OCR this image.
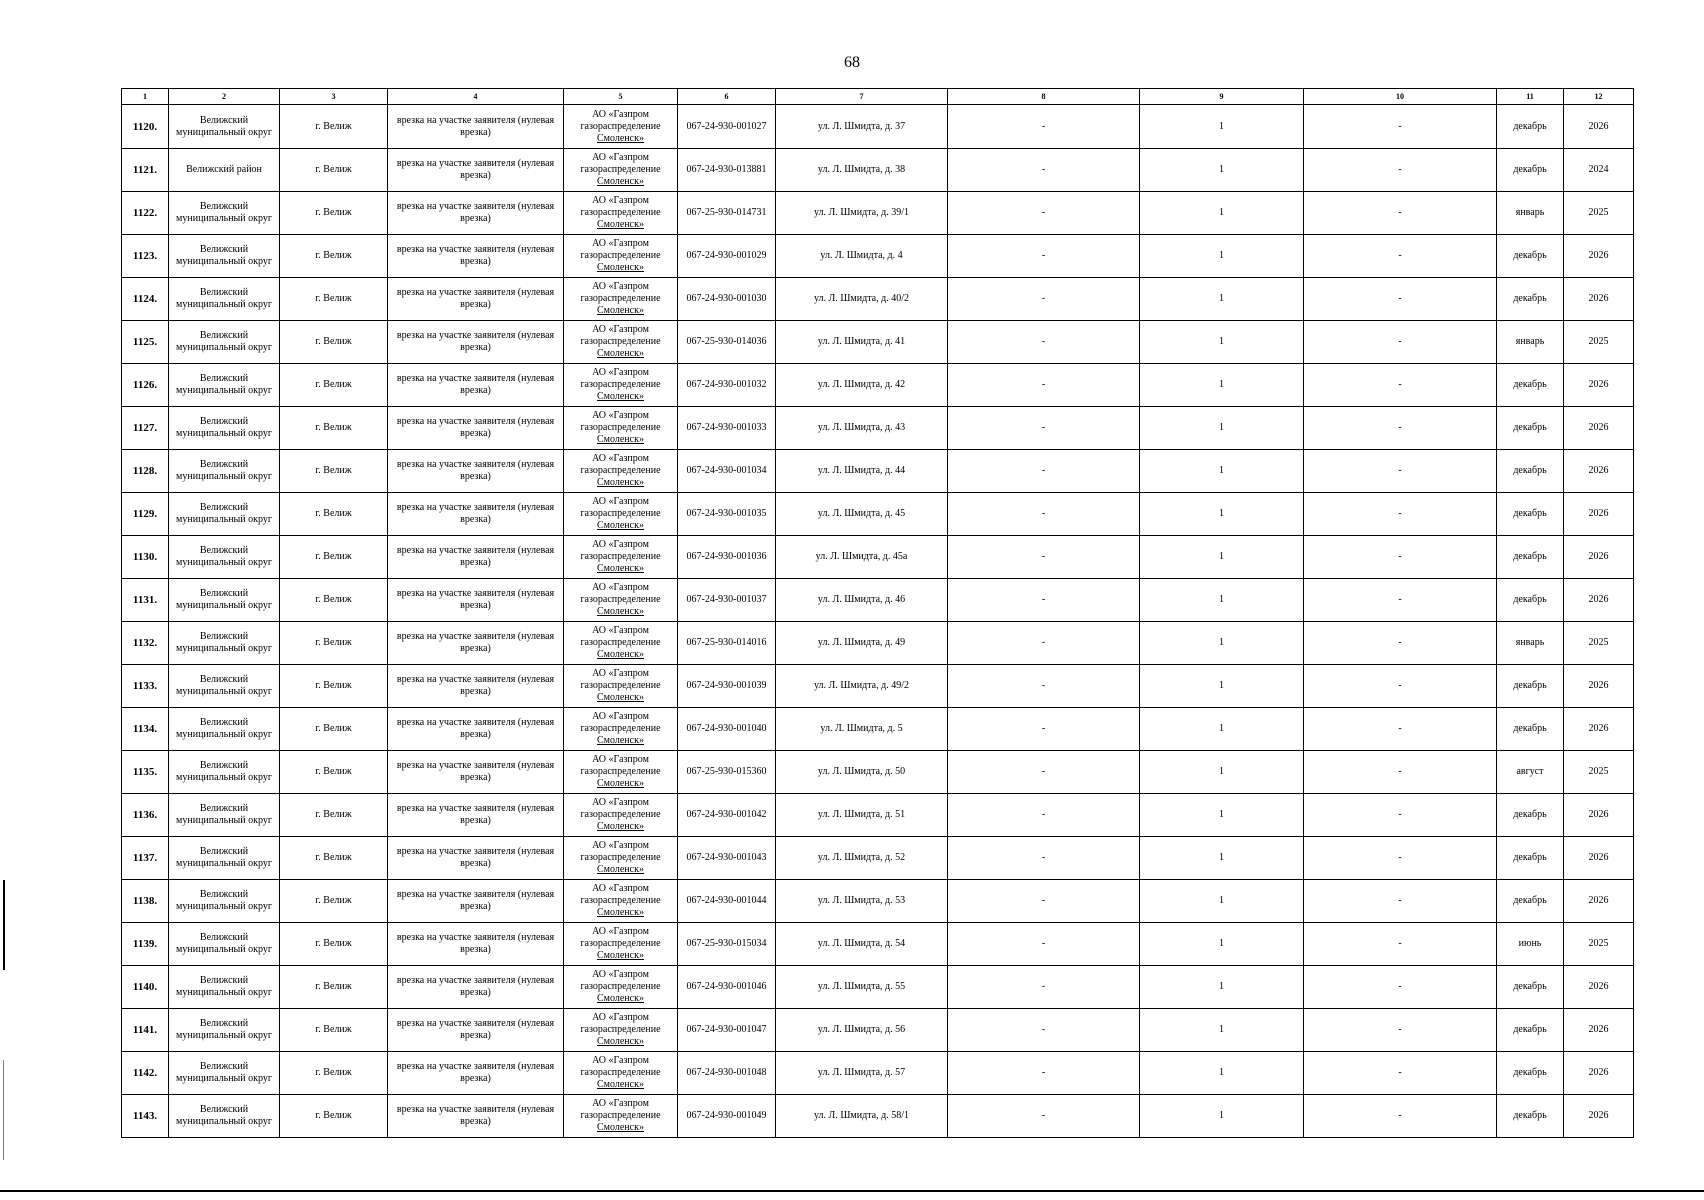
68
1	2	3	4	5	6	7	8	9	10	11	12
1120.	Велижский муниципальный округ	г. Велиж	врезка на участке заявителя (нулевая врезка)	АО «Газпром газораспределение
Смоленск»	067-24-930-001027	ул. Л. Шмидта, д. 37	-	1	-	декабрь	2026
1121.	Велижский район	г. Велиж	врезка на участке заявителя (нулевая врезка)	АО «Газпром газораспределение
Смоленск»	067-24-930-013881	ул. Л. Шмидта, д. 38	-	1	-	декабрь	2024
1122.	Велижский муниципальный округ	г. Велиж	врезка на участке заявителя (нулевая врезка)	АО «Газпром газораспределение
Смоленск»	067-25-930-014731	ул. Л. Шмидта, д. 39/1	-	1	-	январь	2025
1123.	Велижский муниципальный округ	г. Велиж	врезка на участке заявителя (нулевая врезка)	АО «Газпром газораспределение
Смоленск»	067-24-930-001029	ул. Л. Шмидта, д. 4	-	1	-	декабрь	2026
1124.	Велижский муниципальный округ	г. Велиж	врезка на участке заявителя (нулевая врезка)	АО «Газпром газораспределение
Смоленск»	067-24-930-001030	ул. Л. Шмидта, д. 40/2	-	1	-	декабрь	2026
1125.	Велижский муниципальный округ	г. Велиж	врезка на участке заявителя (нулевая врезка)	АО «Газпром газораспределение
Смоленск»	067-25-930-014036	ул. Л. Шмидта, д. 41	-	1	-	январь	2025
1126.	Велижский муниципальный округ	г. Велиж	врезка на участке заявителя (нулевая врезка)	АО «Газпром газораспределение
Смоленск»	067-24-930-001032	ул. Л. Шмидта, д. 42	-	1	-	декабрь	2026
1127.	Велижский муниципальный округ	г. Велиж	врезка на участке заявителя (нулевая врезка)	АО «Газпром газораспределение
Смоленск»	067-24-930-001033	ул. Л. Шмидта, д. 43	-	1	-	декабрь	2026
1128.	Велижский муниципальный округ	г. Велиж	врезка на участке заявителя (нулевая врезка)	АО «Газпром газораспределение
Смоленск»	067-24-930-001034	ул. Л. Шмидта, д. 44	-	1	-	декабрь	2026
1129.	Велижский муниципальный округ	г. Велиж	врезка на участке заявителя (нулевая врезка)	АО «Газпром газораспределение
Смоленск»	067-24-930-001035	ул. Л. Шмидта, д. 45	-	1	-	декабрь	2026
1130.	Велижский муниципальный округ	г. Велиж	врезка на участке заявителя (нулевая врезка)	АО «Газпром газораспределение
Смоленск»	067-24-930-001036	ул. Л. Шмидта, д. 45а	-	1	-	декабрь	2026
1131.	Велижский муниципальный округ	г. Велиж	врезка на участке заявителя (нулевая врезка)	АО «Газпром газораспределение
Смоленск»	067-24-930-001037	ул. Л. Шмидта, д. 46	-	1	-	декабрь	2026
1132.	Велижский муниципальный округ	г. Велиж	врезка на участке заявителя (нулевая врезка)	АО «Газпром газораспределение
Смоленск»	067-25-930-014016	ул. Л. Шмидта, д. 49	-	1	-	январь	2025
1133.	Велижский муниципальный округ	г. Велиж	врезка на участке заявителя (нулевая врезка)	АО «Газпром газораспределение
Смоленск»	067-24-930-001039	ул. Л. Шмидта, д. 49/2	-	1	-	декабрь	2026
1134.	Велижский муниципальный округ	г. Велиж	врезка на участке заявителя (нулевая врезка)	АО «Газпром газораспределение
Смоленск»	067-24-930-001040	ул. Л. Шмидта, д. 5	-	1	-	декабрь	2026
1135.	Велижский муниципальный округ	г. Велиж	врезка на участке заявителя (нулевая врезка)	АО «Газпром газораспределение
Смоленск»	067-25-930-015360	ул. Л. Шмидта, д. 50	-	1	-	август	2025
1136.	Велижский муниципальный округ	г. Велиж	врезка на участке заявителя (нулевая врезка)	АО «Газпром газораспределение
Смоленск»	067-24-930-001042	ул. Л. Шмидта, д. 51	-	1	-	декабрь	2026
1137.	Велижский муниципальный округ	г. Велиж	врезка на участке заявителя (нулевая врезка)	АО «Газпром газораспределение
Смоленск»	067-24-930-001043	ул. Л. Шмидта, д. 52	-	1	-	декабрь	2026
1138.	Велижский муниципальный округ	г. Велиж	врезка на участке заявителя (нулевая врезка)	АО «Газпром газораспределение
Смоленск»	067-24-930-001044	ул. Л. Шмидта, д. 53	-	1	-	декабрь	2026
1139.	Велижский муниципальный округ	г. Велиж	врезка на участке заявителя (нулевая врезка)	АО «Газпром газораспределение
Смоленск»	067-25-930-015034	ул. Л. Шмидта, д. 54	-	1	-	июнь	2025
1140.	Велижский муниципальный округ	г. Велиж	врезка на участке заявителя (нулевая врезка)	АО «Газпром газораспределение
Смоленск»	067-24-930-001046	ул. Л. Шмидта, д. 55	-	1	-	декабрь	2026
1141.	Велижский муниципальный округ	г. Велиж	врезка на участке заявителя (нулевая врезка)	АО «Газпром газораспределение
Смоленск»	067-24-930-001047	ул. Л. Шмидта, д. 56	-	1	-	декабрь	2026
1142.	Велижский муниципальный округ	г. Велиж	врезка на участке заявителя (нулевая врезка)	АО «Газпром газораспределение
Смоленск»	067-24-930-001048	ул. Л. Шмидта, д. 57	-	1	-	декабрь	2026
1143.	Велижский муниципальный округ	г. Велиж	врезка на участке заявителя (нулевая врезка)	АО «Газпром газораспределение
Смоленск»	067-24-930-001049	ул. Л. Шмидта, д. 58/1	-	1	-	декабрь	2026
